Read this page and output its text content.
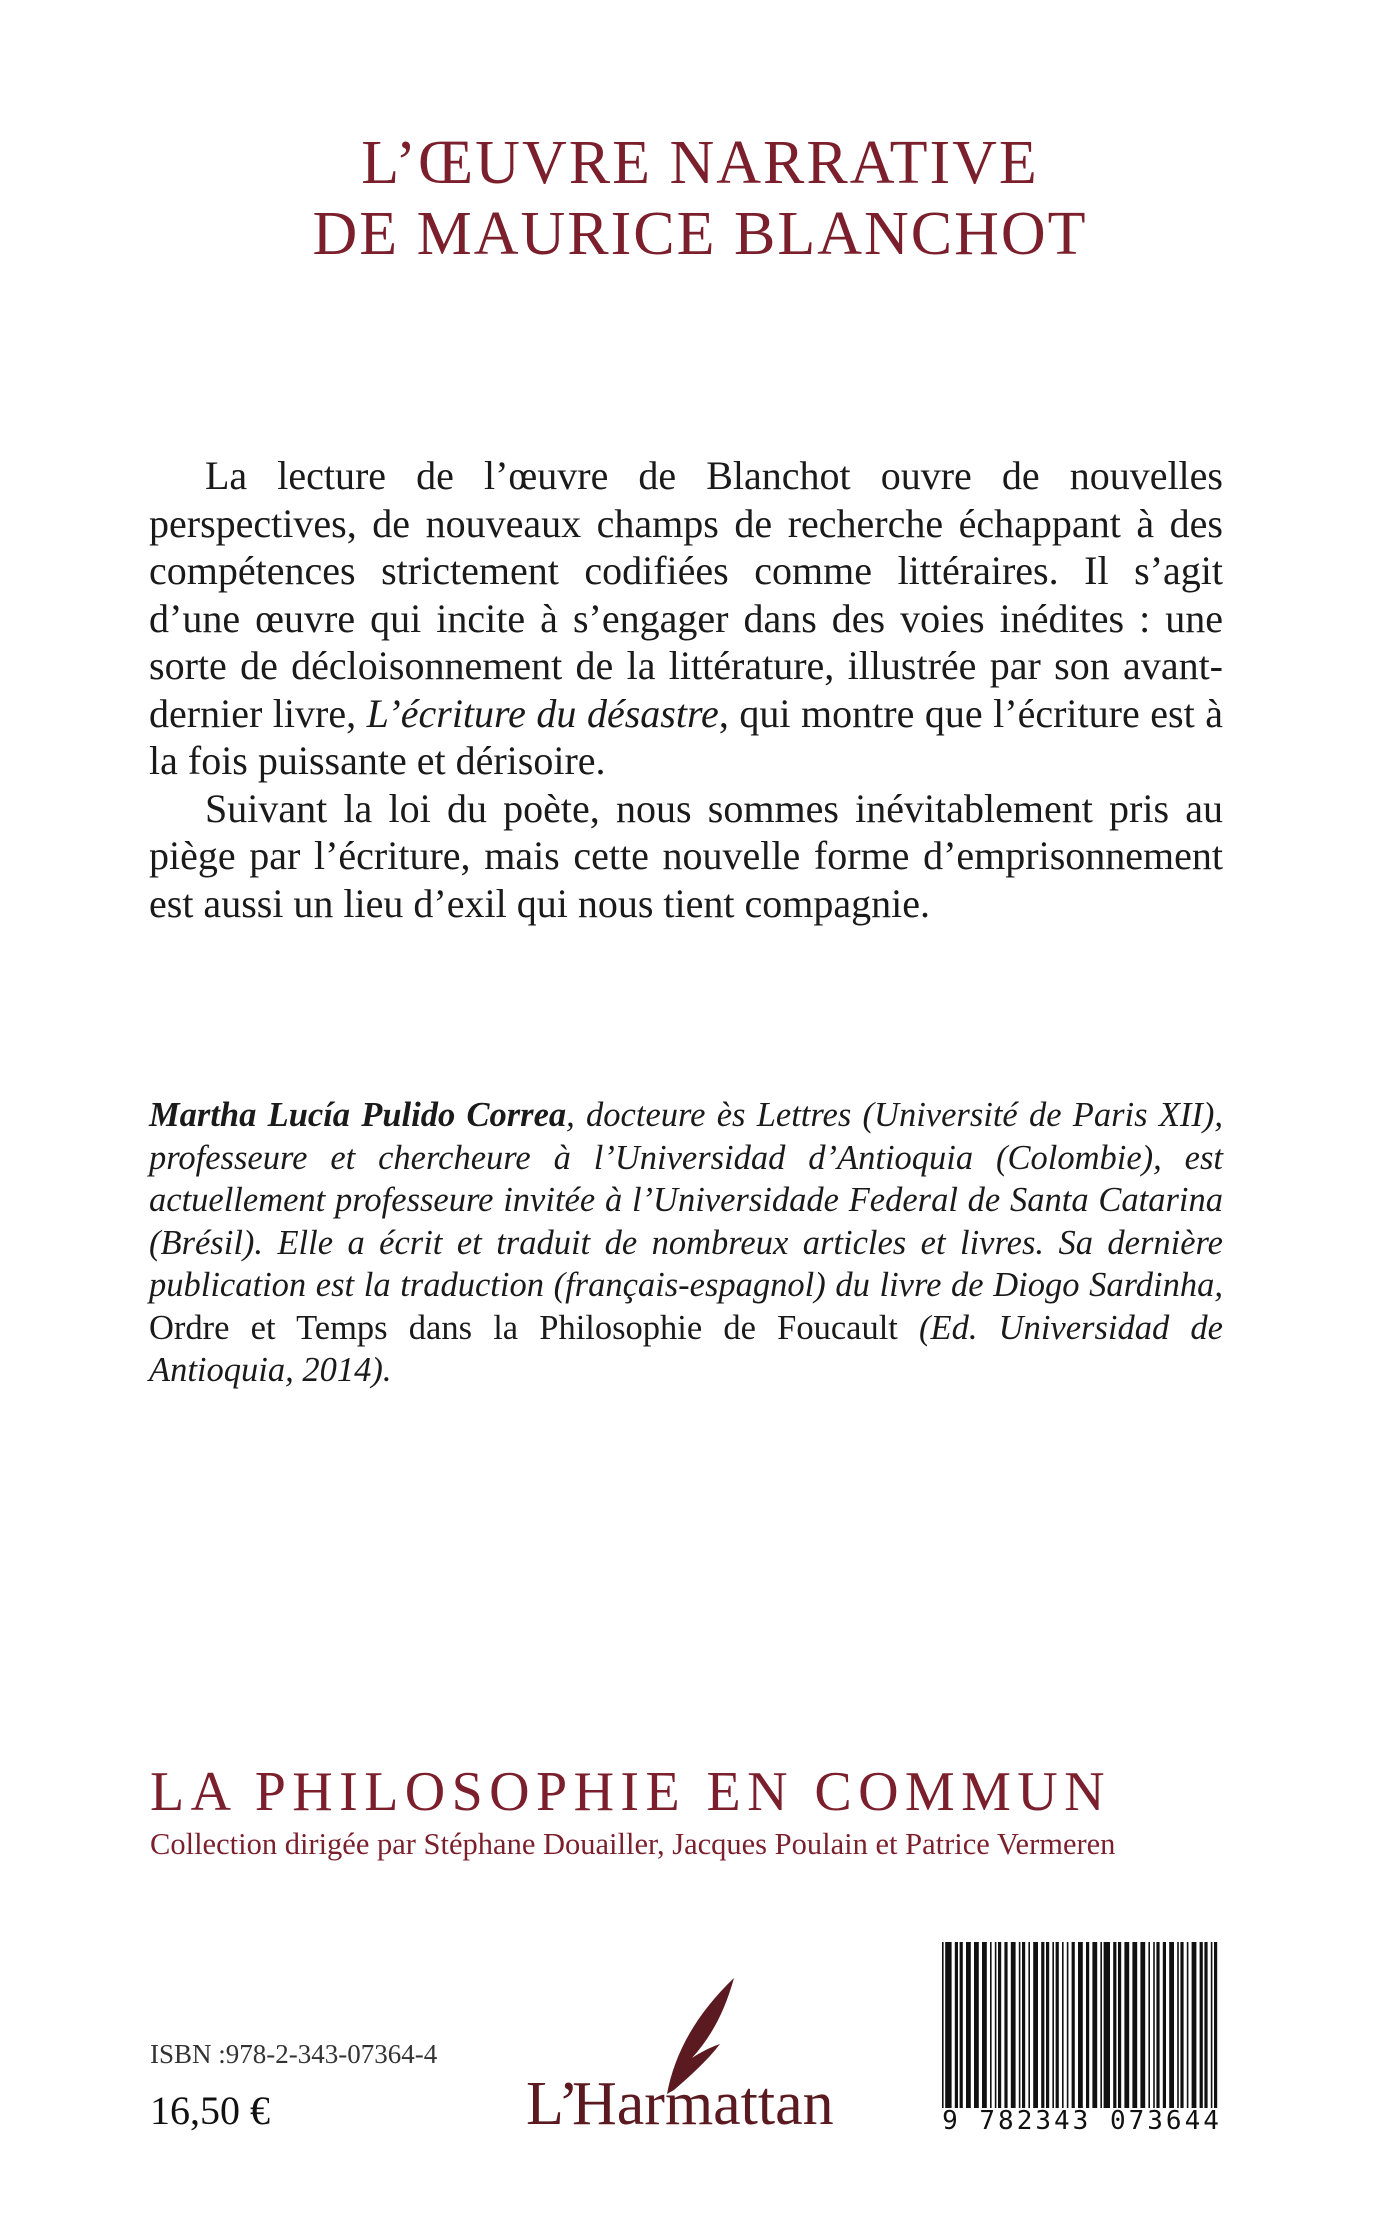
L’ŒUVRE NARRATIVE
DE MAURICE BLANCHOT

La lecture de l’œuvre de Blanchot ouvre de nouvelles perspectives, de nouveaux champs de recherche échappant à des compétences strictement codifiées comme littéraires. Il s’agit d’une œuvre qui incite à s’engager dans des voies inédites : une sorte de décloisonnement de la littérature, illustrée par son avant-dernier livre, L’écriture du désastre, qui montre que l’écriture est à la fois puissante et dérisoire.

Suivant la loi du poète, nous sommes inévitablement pris au piège par l’écriture, mais cette nouvelle forme d’emprisonnement est aussi un lieu d’exil qui nous tient compagnie.

Martha Lucía Pulido Correa, docteure ès Lettres (Université de Paris XII), professeure et chercheure à l’Universidad d’Antioquia (Colombie), est actuellement professeure invitée à l’Universidade Federal de Santa Catarina (Brésil). Elle a écrit et traduit de nombreux articles et livres. Sa dernière publication est la traduction (français-espagnol) du livre de Diogo Sardinha, Ordre et Temps dans la Philosophie de Foucault (Ed. Universidad de Antioquia, 2014).
LA PHILOSOPHIE EN COMMUN
Collection dirigée par Stéphane Douailler, Jacques Poulain et Patrice Vermeren
ISBN :978-2-343-07364-4
16,50 €	L’
Harmattan	9 782343 073644
